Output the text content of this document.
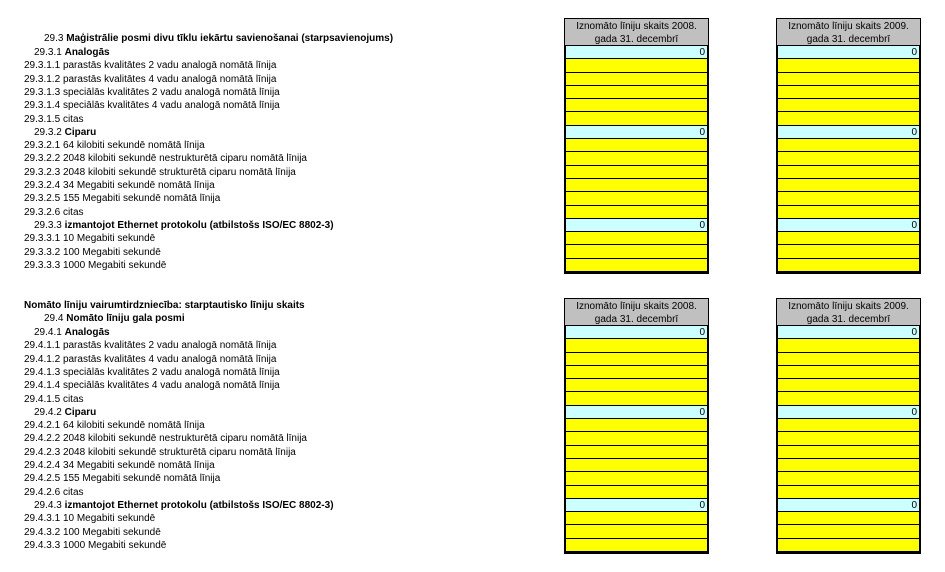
29.3 Maģistrālie posmi divu tīklu iekārtu savienošanai (starpsavienojums)
29.3.1 Analogās
29.3.1.1 parastās kvalitātes 2 vadu analogā nomātā līnija
29.3.1.2 parastās kvalitātes 4 vadu analogā nomātā līnija
29.3.1.3 speciālās kvalitātes 2 vadu analogā nomātā līnija
29.3.1.4 speciālās kvalitātes 4 vadu analogā nomātā līnija
29.3.1.5 citas
29.3.2 Ciparu
29.3.2.1 64 kilobiti sekundē nomātā līnija
29.3.2.2 2048 kilobiti sekundē nestrukturētā ciparu nomātā līnija
29.3.2.3 2048 kilobiti sekundē strukturētā ciparu nomātā līnija
29.3.2.4 34 Megabiti sekundē nomātā līnija
29.3.2.5 155 Megabiti sekundē nomātā līnija
29.3.2.6 citas
29.3.3 izmantojot Ethernet protokolu (atbilstošs ISO/EC 8802-3)
29.3.3.1 10 Megabiti sekundē
29.3.3.2 100 Megabiti sekundē
29.3.3.3 1000 Megabiti sekundē
Iznomāto līniju skaits 2008. gada 31. decembrī
0
0
0
Iznomāto līniju skaits 2009. gada 31. decembrī
0
0
0
Nomāto līniju vairumtirdzniecība: starptautisko līniju skaits
29.4 Nomāto līniju gala posmi
29.4.1 Analogās
29.4.1.1 parastās kvalitātes 2 vadu analogā nomātā līnija
29.4.1.2 parastās kvalitātes 4 vadu analogā nomātā līnija
29.4.1.3 speciālās kvalitātes 2 vadu analogā nomātā līnija
29.4.1.4 speciālās kvalitātes 4 vadu analogā nomātā līnija
29.4.1.5 citas
29.4.2 Ciparu
29.4.2.1 64 kilobiti sekundē nomātā līnija
29.4.2.2 2048 kilobiti sekundē nestrukturētā ciparu nomātā līnija
29.4.2.3 2048 kilobiti sekundē strukturētā ciparu nomātā līnija
29.4.2.4 34 Megabiti sekundē nomātā līnija
29.4.2.5 155 Megabiti sekundē nomātā līnija
29.4.2.6 citas
29.4.3 izmantojot Ethernet protokolu (atbilstošs ISO/EC 8802-3)
29.4.3.1 10 Megabiti sekundē
29.4.3.2 100 Megabiti sekundē
29.4.3.3 1000 Megabiti sekundē
Iznomāto līniju skaits 2008. gada 31. decembrī
0
0
0
Iznomāto līniju skaits 2009. gada 31. decembrī
0
0
0
